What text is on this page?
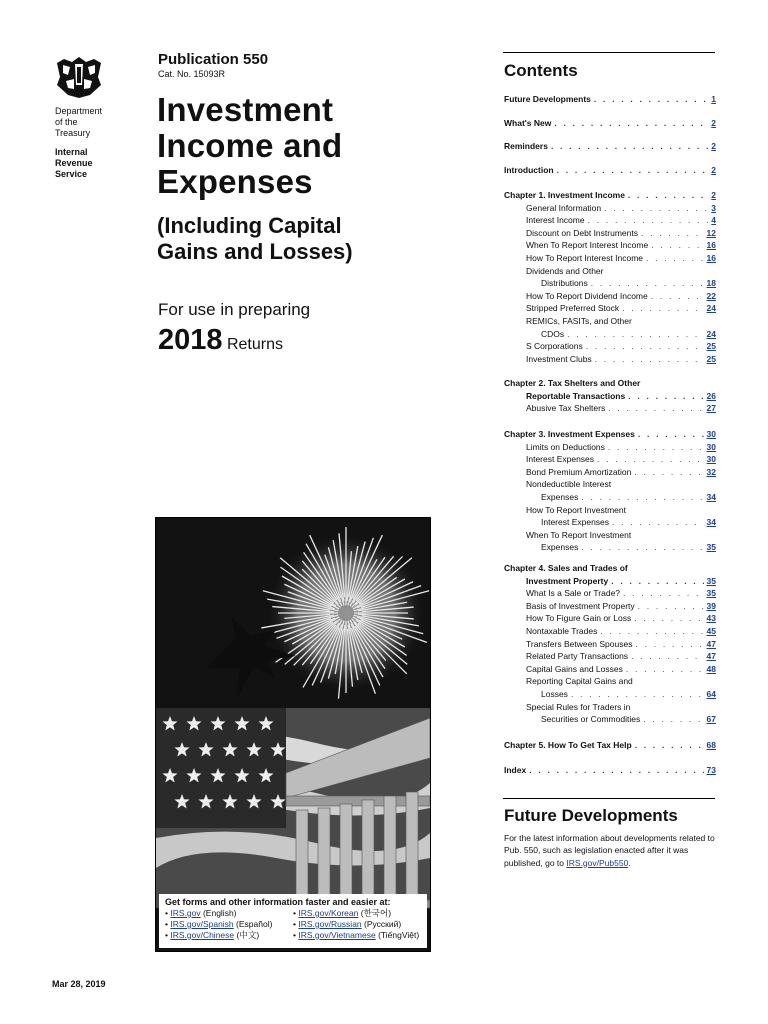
Department
of the
Treasury
Internal
Revenue
Service
Publication 550
Cat. No. 15093R
Investment
Income and
Expenses
(Including Capital
Gains and Losses)
For use in preparing
2018 Returns
Get forms and other information faster and easier at:
• IRS.gov (English)
• IRS.gov/Spanish (Español)
• IRS.gov/Chinese (中文)
• IRS.gov/Korean (한국어)
• IRS.gov/Russian (Pусский)
• IRS.gov/Vietnamese (TiếngViệt)
Mar 28, 2019
Contents
Future Developments . . .	1
What's New . . .	2
Reminders . . .	2
Introduction . . .	2
Chapter 1. Investment Income . . .	2
General Information . . .	3
Interest Income . . .	4
Discount on Debt Instruments . . .	12
When To Report Interest Income . . .	16
How To Report Interest Income . . .	16
Dividends and Other
Distributions . . .	18
How To Report Dividend Income . . .	22
Stripped Preferred Stock . . .	24
REMICs, FASITs, and Other
CDOs . . .	24
S Corporations . . .	25
Investment Clubs . . .	25
Chapter 2. Tax Shelters and Other
Reportable Transactions . . .	26
Abusive Tax Shelters . . .	27
Chapter 3. Investment Expenses . . .	30
Limits on Deductions . . .	30
Interest Expenses . . .	30
Bond Premium Amortization . . .	32
Nondeductible Interest
Expenses . . .	34
How To Report Investment
Interest Expenses . . .	34
When To Report Investment
Expenses . . .	35
Chapter 4. Sales and Trades of
Investment Property . . .	35
What Is a Sale or Trade? . . .	35
Basis of Investment Property . . .	39
How To Figure Gain or Loss . . .	43
Nontaxable Trades . . .	45
Transfers Between Spouses . . .	47
Related Party Transactions . . .	47
Capital Gains and Losses . . .	48
Reporting Capital Gains and
Losses . . .	64
Special Rules for Traders in
Securities or Commodities . . .	67
Chapter 5. How To Get Tax Help . . .	68
Index . . .	73
Future Developments
For the latest information about developments related to Pub. 550, such as legislation enacted after it was published, go to IRS.gov/Pub550.
